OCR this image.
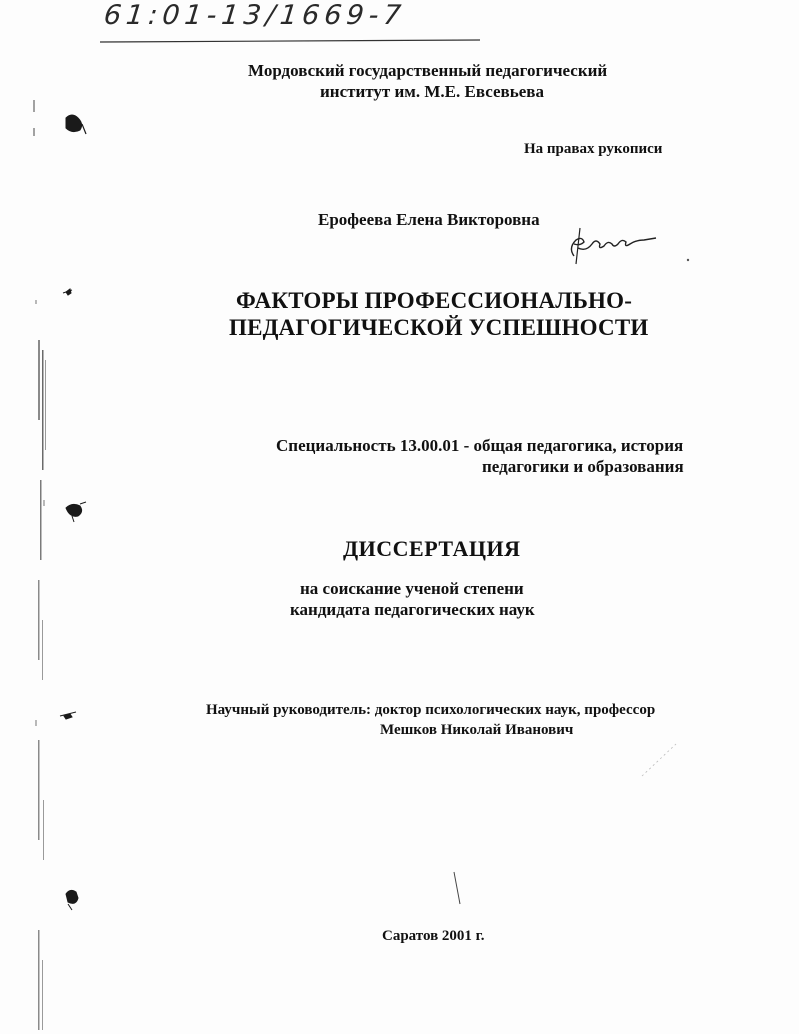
61:01-13/1669-7
Мордовский государственный педагогический
институт им. М.Е. Евсевьева
На правах рукописи
Ерофеева Елена Викторовна
ФАКТОРЫ ПРОФЕССИОНАЛЬНО-
ПЕДАГОГИЧЕСКОЙ УСПЕШНОСТИ
Специальность 13.00.01 - общая педагогика, история
педагогики и образования
ДИССЕРТАЦИЯ
на соискание ученой степени
кандидата педагогических наук
Научный руководитель: доктор психологических наук, профессор
Мешков Николай Иванович
Саратов 2001 г.
